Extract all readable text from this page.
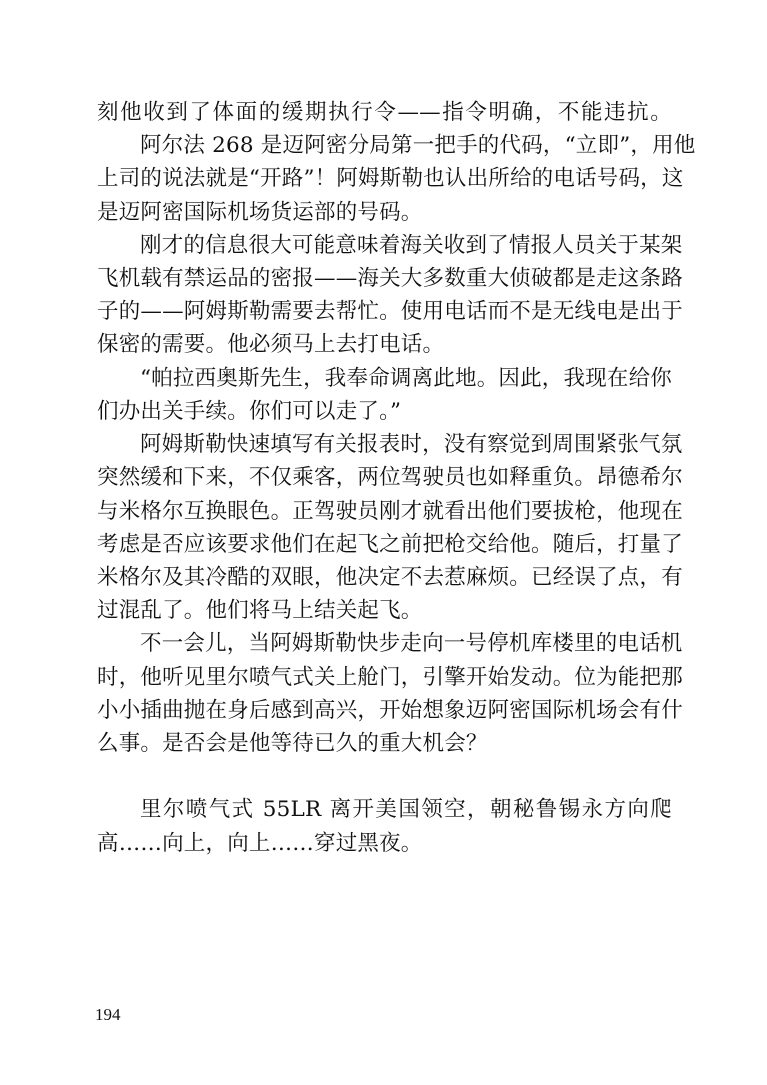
刻他收到了体面的缓期执行令——指令明确，不能违抗。
阿尔法 268 是迈阿密分局第一把手的代码，“立即”，用他
上司的说法就是“开路”！阿姆斯勒也认出所给的电话号码，这
是迈阿密国际机场货运部的号码。
刚才的信息很大可能意味着海关收到了情报人员关于某架
飞机载有禁运品的密报——海关大多数重大侦破都是走这条路
子的——阿姆斯勒需要去帮忙。使用电话而不是无线电是出于
保密的需要。他必须马上去打电话。
“帕拉西奥斯先生，我奉命调离此地。因此，我现在给你
们办出关手续。你们可以走了。”
阿姆斯勒快速填写有关报表时，没有察觉到周围紧张气氛
突然缓和下来，不仅乘客，两位驾驶员也如释重负。昂德希尔
与米格尔互换眼色。正驾驶员刚才就看出他们要拔枪，他现在
考虑是否应该要求他们在起飞之前把枪交给他。随后，打量了
米格尔及其冷酷的双眼，他决定不去惹麻烦。已经误了点，有
过混乱了。他们将马上结关起飞。
不一会儿，当阿姆斯勒快步走向一号停机库楼里的电话机
时，他听见里尔喷气式关上舱门，引擎开始发动。位为能把那
小小插曲抛在身后感到高兴，开始想象迈阿密国际机场会有什
么事。是否会是他等待已久的重大机会？
里尔喷气式 55LR 离开美国领空，朝秘鲁锡永方向爬
高……向上，向上……穿过黑夜。
194
